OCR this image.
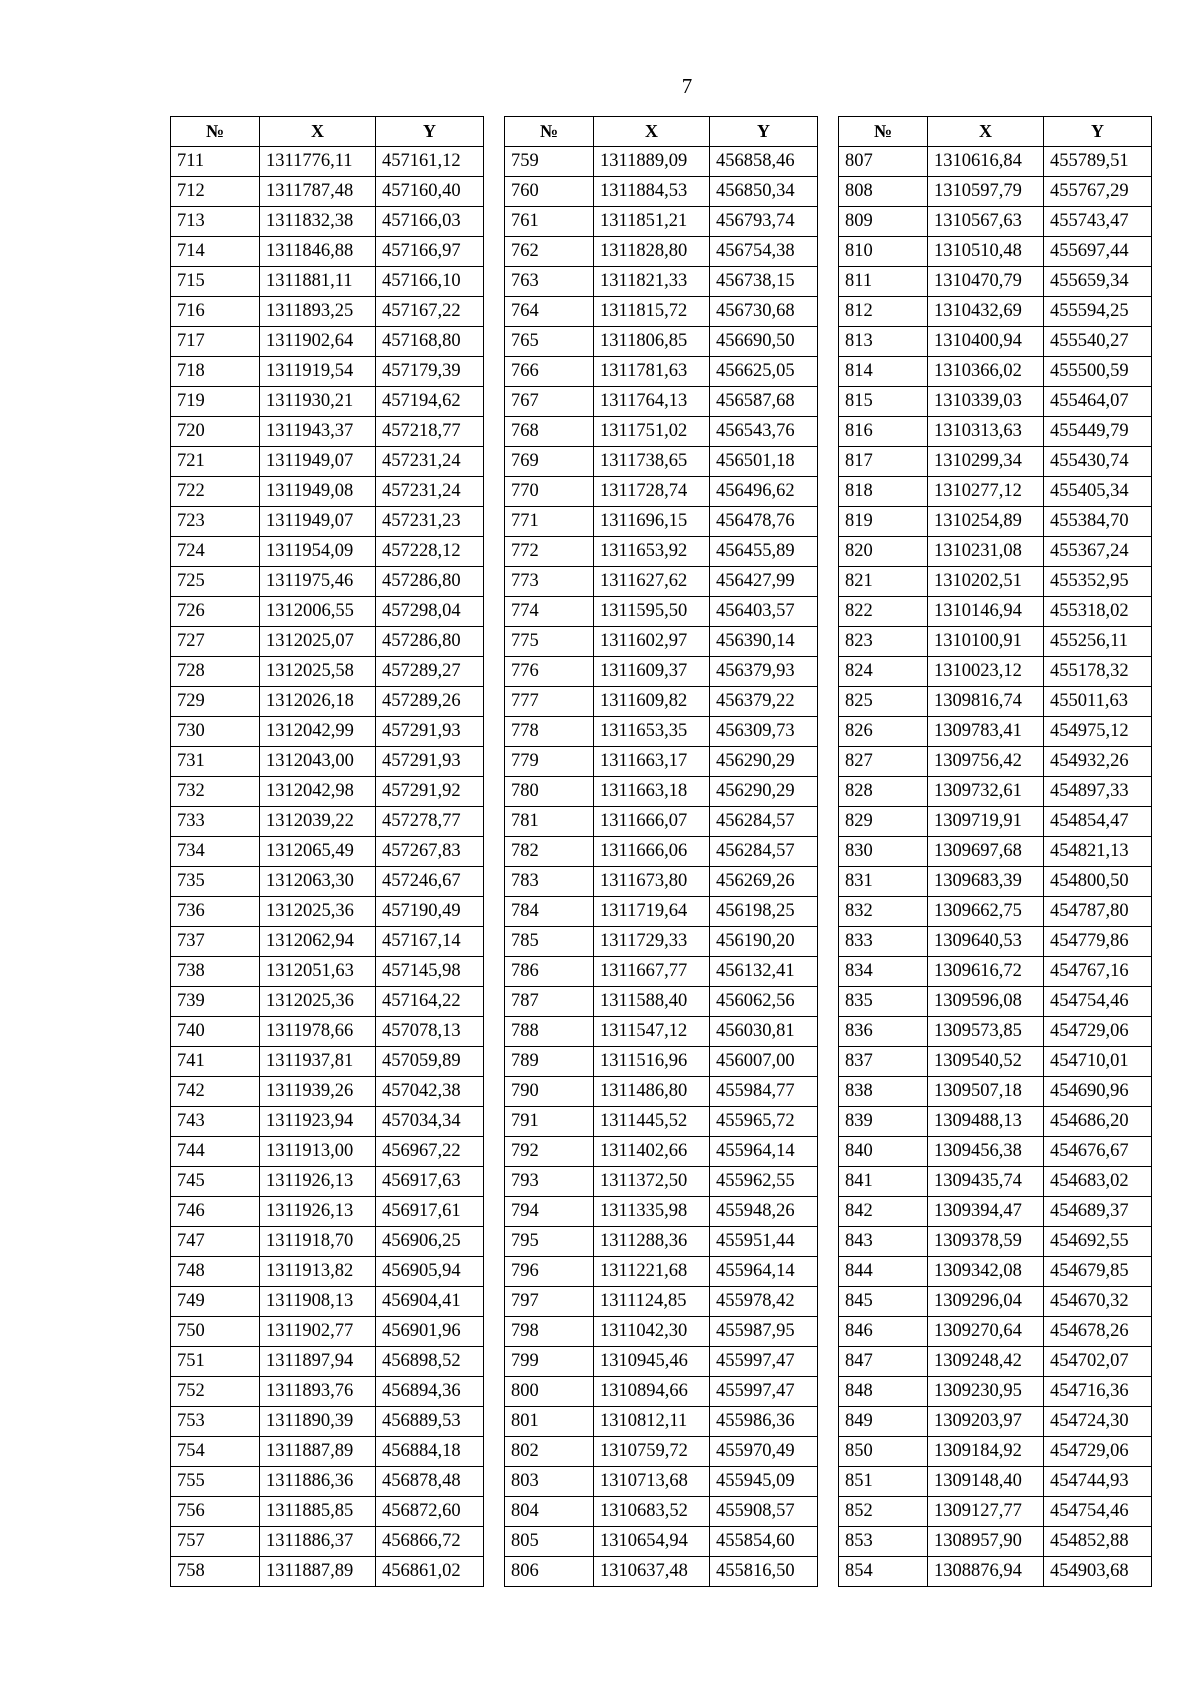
7
№	X	Y
711	1311776,11	457161,12
712	1311787,48	457160,40
713	1311832,38	457166,03
714	1311846,88	457166,97
715	1311881,11	457166,10
716	1311893,25	457167,22
717	1311902,64	457168,80
718	1311919,54	457179,39
719	1311930,21	457194,62
720	1311943,37	457218,77
721	1311949,07	457231,24
722	1311949,08	457231,24
723	1311949,07	457231,23
724	1311954,09	457228,12
725	1311975,46	457286,80
726	1312006,55	457298,04
727	1312025,07	457286,80
728	1312025,58	457289,27
729	1312026,18	457289,26
730	1312042,99	457291,93
731	1312043,00	457291,93
732	1312042,98	457291,92
733	1312039,22	457278,77
734	1312065,49	457267,83
735	1312063,30	457246,67
736	1312025,36	457190,49
737	1312062,94	457167,14
738	1312051,63	457145,98
739	1312025,36	457164,22
740	1311978,66	457078,13
741	1311937,81	457059,89
742	1311939,26	457042,38
743	1311923,94	457034,34
744	1311913,00	456967,22
745	1311926,13	456917,63
746	1311926,13	456917,61
747	1311918,70	456906,25
748	1311913,82	456905,94
749	1311908,13	456904,41
750	1311902,77	456901,96
751	1311897,94	456898,52
752	1311893,76	456894,36
753	1311890,39	456889,53
754	1311887,89	456884,18
755	1311886,36	456878,48
756	1311885,85	456872,60
757	1311886,37	456866,72
758	1311887,89	456861,02
№	X	Y
759	1311889,09	456858,46
760	1311884,53	456850,34
761	1311851,21	456793,74
762	1311828,80	456754,38
763	1311821,33	456738,15
764	1311815,72	456730,68
765	1311806,85	456690,50
766	1311781,63	456625,05
767	1311764,13	456587,68
768	1311751,02	456543,76
769	1311738,65	456501,18
770	1311728,74	456496,62
771	1311696,15	456478,76
772	1311653,92	456455,89
773	1311627,62	456427,99
774	1311595,50	456403,57
775	1311602,97	456390,14
776	1311609,37	456379,93
777	1311609,82	456379,22
778	1311653,35	456309,73
779	1311663,17	456290,29
780	1311663,18	456290,29
781	1311666,07	456284,57
782	1311666,06	456284,57
783	1311673,80	456269,26
784	1311719,64	456198,25
785	1311729,33	456190,20
786	1311667,77	456132,41
787	1311588,40	456062,56
788	1311547,12	456030,81
789	1311516,96	456007,00
790	1311486,80	455984,77
791	1311445,52	455965,72
792	1311402,66	455964,14
793	1311372,50	455962,55
794	1311335,98	455948,26
795	1311288,36	455951,44
796	1311221,68	455964,14
797	1311124,85	455978,42
798	1311042,30	455987,95
799	1310945,46	455997,47
800	1310894,66	455997,47
801	1310812,11	455986,36
802	1310759,72	455970,49
803	1310713,68	455945,09
804	1310683,52	455908,57
805	1310654,94	455854,60
806	1310637,48	455816,50
№	X	Y
807	1310616,84	455789,51
808	1310597,79	455767,29
809	1310567,63	455743,47
810	1310510,48	455697,44
811	1310470,79	455659,34
812	1310432,69	455594,25
813	1310400,94	455540,27
814	1310366,02	455500,59
815	1310339,03	455464,07
816	1310313,63	455449,79
817	1310299,34	455430,74
818	1310277,12	455405,34
819	1310254,89	455384,70
820	1310231,08	455367,24
821	1310202,51	455352,95
822	1310146,94	455318,02
823	1310100,91	455256,11
824	1310023,12	455178,32
825	1309816,74	455011,63
826	1309783,41	454975,12
827	1309756,42	454932,26
828	1309732,61	454897,33
829	1309719,91	454854,47
830	1309697,68	454821,13
831	1309683,39	454800,50
832	1309662,75	454787,80
833	1309640,53	454779,86
834	1309616,72	454767,16
835	1309596,08	454754,46
836	1309573,85	454729,06
837	1309540,52	454710,01
838	1309507,18	454690,96
839	1309488,13	454686,20
840	1309456,38	454676,67
841	1309435,74	454683,02
842	1309394,47	454689,37
843	1309378,59	454692,55
844	1309342,08	454679,85
845	1309296,04	454670,32
846	1309270,64	454678,26
847	1309248,42	454702,07
848	1309230,95	454716,36
849	1309203,97	454724,30
850	1309184,92	454729,06
851	1309148,40	454744,93
852	1309127,77	454754,46
853	1308957,90	454852,88
854	1308876,94	454903,68
